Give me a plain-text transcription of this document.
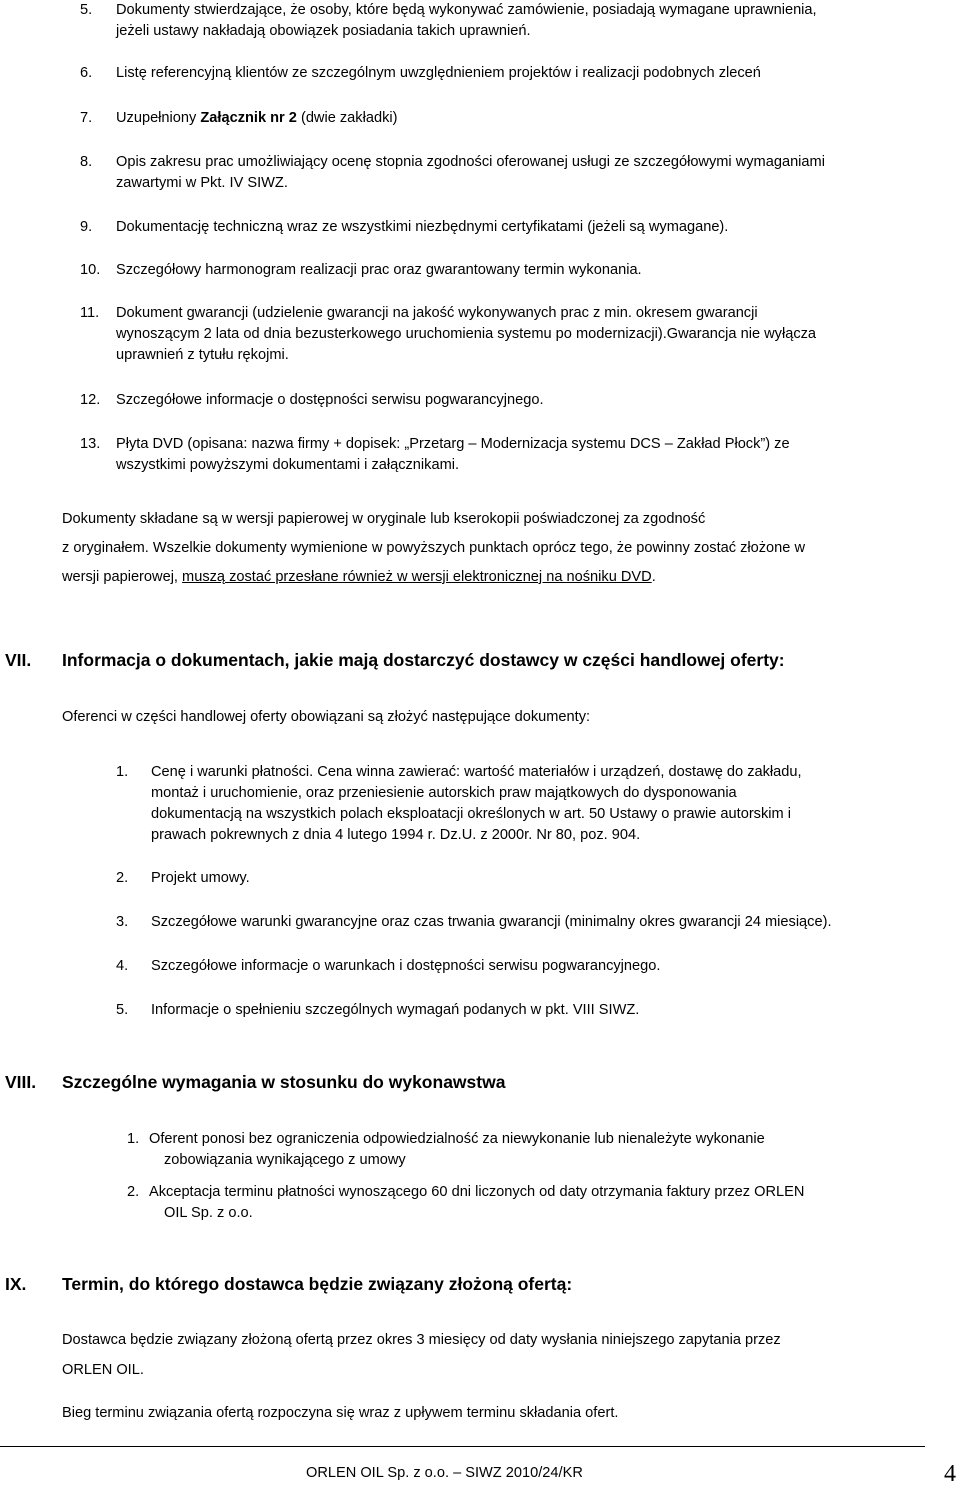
5. Dokumenty stwierdzające, że osoby, które będą wykonywać zamówienie, posiadają wymagane uprawnienia,
jeżeli ustawy nakładają obowiązek posiadania takich uprawnień.
6. Listę referencyjną klientów ze szczególnym uwzględnieniem projektów i realizacji podobnych zleceń
7. Uzupełniony Załącznik nr 2 (dwie zakładki)
8. Opis zakresu prac umożliwiający ocenę stopnia zgodności oferowanej usługi ze szczegółowymi wymaganiami
zawartymi w Pkt. IV SIWZ.
9. Dokumentację techniczną wraz ze wszystkimi niezbędnymi certyfikatami (jeżeli są wymagane).
10. Szczegółowy harmonogram realizacji prac oraz gwarantowany termin wykonania.
11. Dokument gwarancji (udzielenie gwarancji na jakość wykonywanych prac z min. okresem gwarancji
wynoszącym 2 lata od dnia bezusterkowego uruchomienia systemu po modernizacji).Gwarancja nie wyłącza
uprawnień z tytułu rękojmi.
12. Szczegółowe informacje o dostępności serwisu pogwarancyjnego.
13. Płyta DVD (opisana: nazwa firmy + dopisek: „Przetarg – Modernizacja systemu DCS – Zakład Płock”) ze
wszystkimi powyższymi dokumentami i załącznikami.
Dokumenty składane są w wersji papierowej w oryginale lub kserokopii poświadczonej za zgodność
z oryginałem. Wszelkie dokumenty wymienione w powyższych punktach oprócz tego, że powinny zostać złożone w
wersji papierowej, muszą zostać przesłane również w wersji elektronicznej na nośniku DVD.
VII. Informacja o dokumentach, jakie mają dostarczyć dostawcy w części handlowej oferty:
Oferenci w części handlowej oferty obowiązani są złożyć następujące dokumenty:
1. Cenę i warunki płatności. Cena winna zawierać: wartość materiałów i urządzeń, dostawę do zakładu,
montaż i uruchomienie, oraz przeniesienie autorskich praw majątkowych do dysponowania
dokumentacją na wszystkich polach eksploatacji określonych w art. 50 Ustawy o prawie autorskim i
prawach pokrewnych z dnia 4 lutego 1994 r. Dz.U. z 2000r. Nr 80, poz. 904.
2. Projekt umowy.
3. Szczegółowe warunki gwarancyjne oraz czas trwania gwarancji (minimalny okres gwarancji 24 miesiące).
4. Szczegółowe informacje o warunkach i dostępności serwisu pogwarancyjnego.
5. Informacje o spełnieniu szczególnych wymagań podanych w pkt. VIII SIWZ.
VIII. Szczególne wymagania w stosunku do wykonawstwa
1. Oferent ponosi bez ograniczenia odpowiedzialność za niewykonanie lub nienależyte wykonanie
zobowiązania wynikającego z umowy
2. Akceptacja terminu płatności wynoszącego 60 dni liczonych od daty otrzymania faktury przez ORLEN
OIL Sp. z o.o.
IX. Termin, do którego dostawca będzie związany złożoną ofertą:
Dostawca będzie związany złożoną ofertą przez okres 3 miesięcy od daty wysłania niniejszego zapytania przez
ORLEN OIL.
Bieg terminu związania ofertą rozpoczyna się wraz z upływem terminu składania ofert.
ORLEN OIL Sp. z o.o. – SIWZ 2010/24/KR	4
